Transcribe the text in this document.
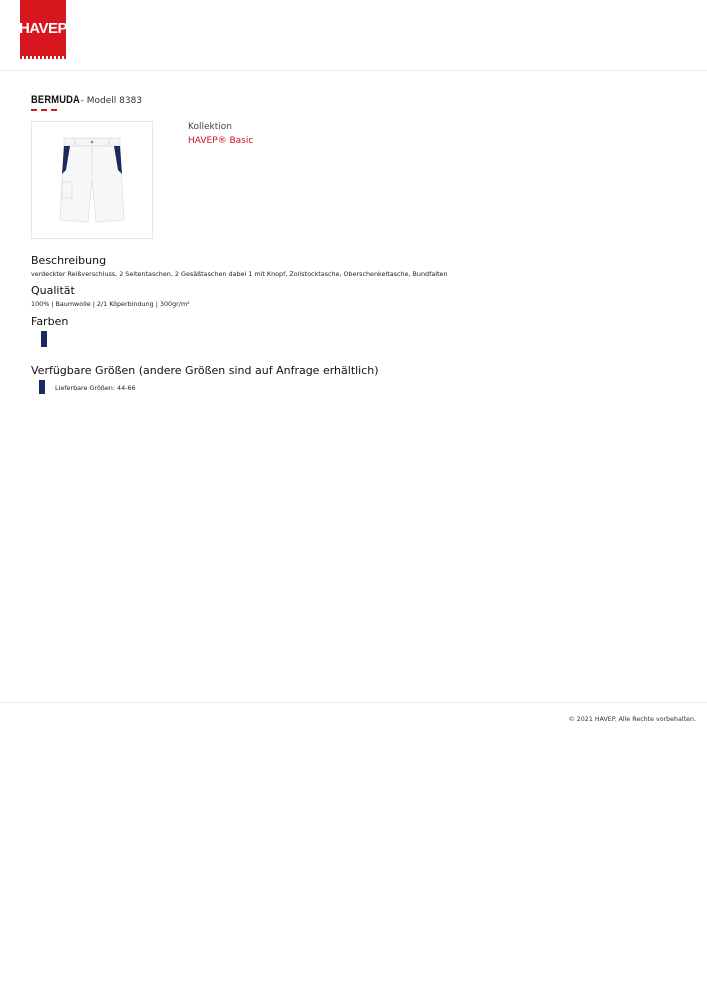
HAVEP
BERMUDA - Modell 8383
Kollektion
HAVEP® Basic
Beschreibung
verdeckter Reißverschluss, 2 Seitentaschen, 2 Gesäßtaschen dabei 1 mit Knopf, Zollstocktasche, Oberschenkeltasche, Bundfalten
Qualität
100% | Baumwolle | 2/1 Köperbindung | 300gr/m²
Farben
Verfügbare Größen (andere Größen sind auf Anfrage erhältlich)
Lieferbare Größen: 44-66
© 2021 HAVEP. Alle Rechte vorbehalten.
